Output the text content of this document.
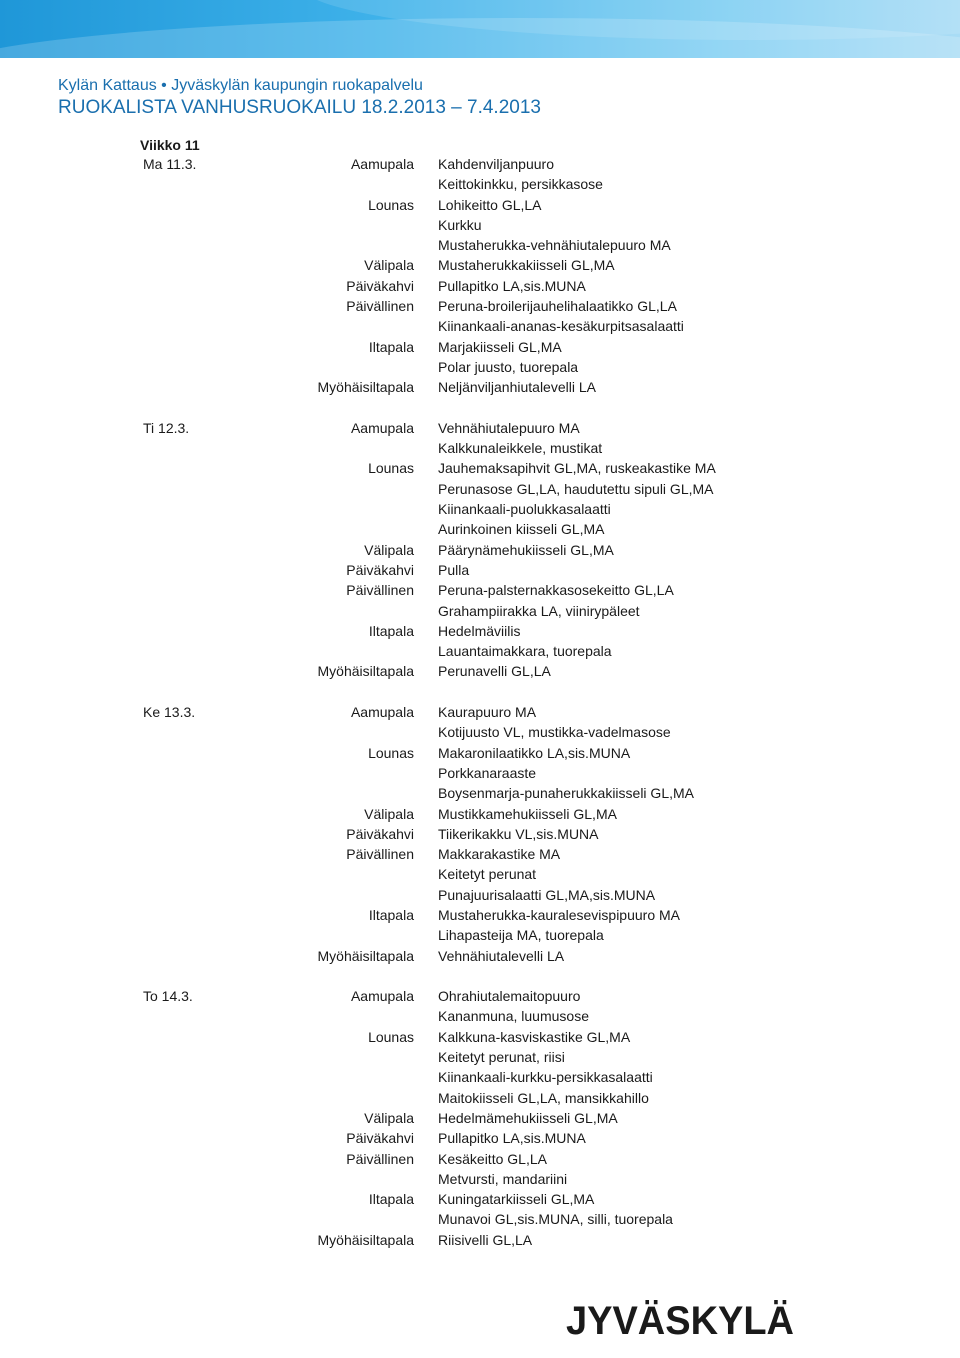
Kylän Kattaus • Jyväskylän kaupungin ruokapalvelu
RUOKALISTA VANHUSRUOKAILU 18.2.2013 – 7.4.2013
Viikko 11
Ma 11.3.	Aamupala Kahdenviljanpuuro
Keittokinkku, persikkasose
Lounas Lohikeitto GL,LA
Kurkku
Mustaherukka-vehnähiutalepuuro MA
Välipala Mustaherukkakiisseli GL,MA
Päiväkahvi Pullapitko LA,sis.MUNA
Päivällinen Peruna-broilerijauhelihalaatikko GL,LA
Kiinankaali-ananas-kesäkurpitsasalaatti
Iltapala Marjakiisseli GL,MA
Polar juusto, tuorepala
Myöhäisiltapala Neljänviljanhiutalevelli LA
Ti 12.3.	Aamupala Vehnähiutalepuuro MA
Kalkkunaleikkele, mustikat
Lounas Jauhemaksapihvit GL,MA, ruskeakastike MA
Perunasose GL,LA, haudutettu sipuli GL,MA
Kiinankaali-puolukkasalaatti
Aurinkoinen kiisseli GL,MA
Välipala Päärynämehukiisseli GL,MA
Päiväkahvi Pulla
Päivällinen Peruna-palsternakkasosekeitto GL,LA
Grahampiirakka LA, viinirypäleet
Iltapala Hedelmäviilis
Lauantaimakkara, tuorepala
Myöhäisiltapala Perunavelli GL,LA
Ke 13.3.	Aamupala Kaurapuuro MA
Kotijuusto VL, mustikka-vadelmasose
Lounas Makaronilaatikko LA,sis.MUNA
Porkkanaraaste
Boysenmarja-punaherukkakiisseli GL,MA
Välipala Mustikkamehukiisseli GL,MA
Päiväkahvi Tiikerikakku VL,sis.MUNA
Päivällinen Makkarakastike MA
Keitetyt perunat
Punajuurisalaatti GL,MA,sis.MUNA
Iltapala Mustaherukka-kauralesevispipuuro MA
Lihapasteija MA, tuorepala
Myöhäisiltapala Vehnähiutalevelli LA
To 14.3.	Aamupala Ohrahiutalemaitopuuro
Kananmuna, luumusose
Lounas Kalkkuna-kasviskastike GL,MA
Keitetyt perunat, riisi
Kiinankaali-kurkku-persikkasalaatti
Maitokiisseli GL,LA, mansikkahillo
Välipala Hedelmämehukiisseli GL,MA
Päiväkahvi Pullapitko LA,sis.MUNA
Päivällinen Kesäkeitto GL,LA
Metvursti, mandariini
Iltapala Kuningatarkiisseli GL,MA
Munavoi GL,sis.MUNA, silli, tuorepala
Myöhäisiltapala Riisivelli GL,LA
JYVÄSKYLÄ
